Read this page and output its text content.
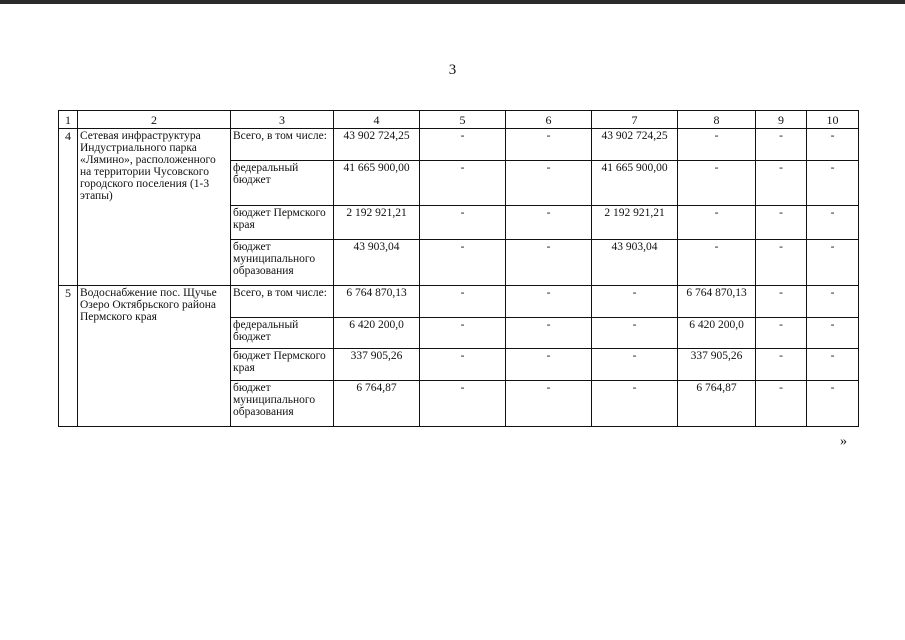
3
1	2	3	4	5	6	7	8	9	10
4	Сетевая инфраструктура Индустриального парка «Лямино», расположенного на территории Чусовского городского поселения (1-3 этапы)	Всего, в том числе:	43 902 724,25	-	-	43 902 724,25	-	-	-
		федеральный бюджет	41 665 900,00	-	-	41 665 900,00	-	-	-
		бюджет Пермского края	2 192 921,21	-	-	2 192 921,21	-	-	-
		бюджет муниципального образования	43 903,04	-	-	43 903,04	-	-	-
5	Водоснабжение пос. Щучье Озеро Октябрьского района Пермского края	Всего, в том числе:	6 764 870,13	-	-	-	6 764 870,13	-	-
		федеральный бюджет	6 420 200,0	-	-	-	6 420 200,0	-	-
		бюджет Пермского края	337 905,26	-	-	-	337 905,26	-	-
		бюджет муниципального образования	6 764,87	-	-	-	6 764,87	-	-
»
